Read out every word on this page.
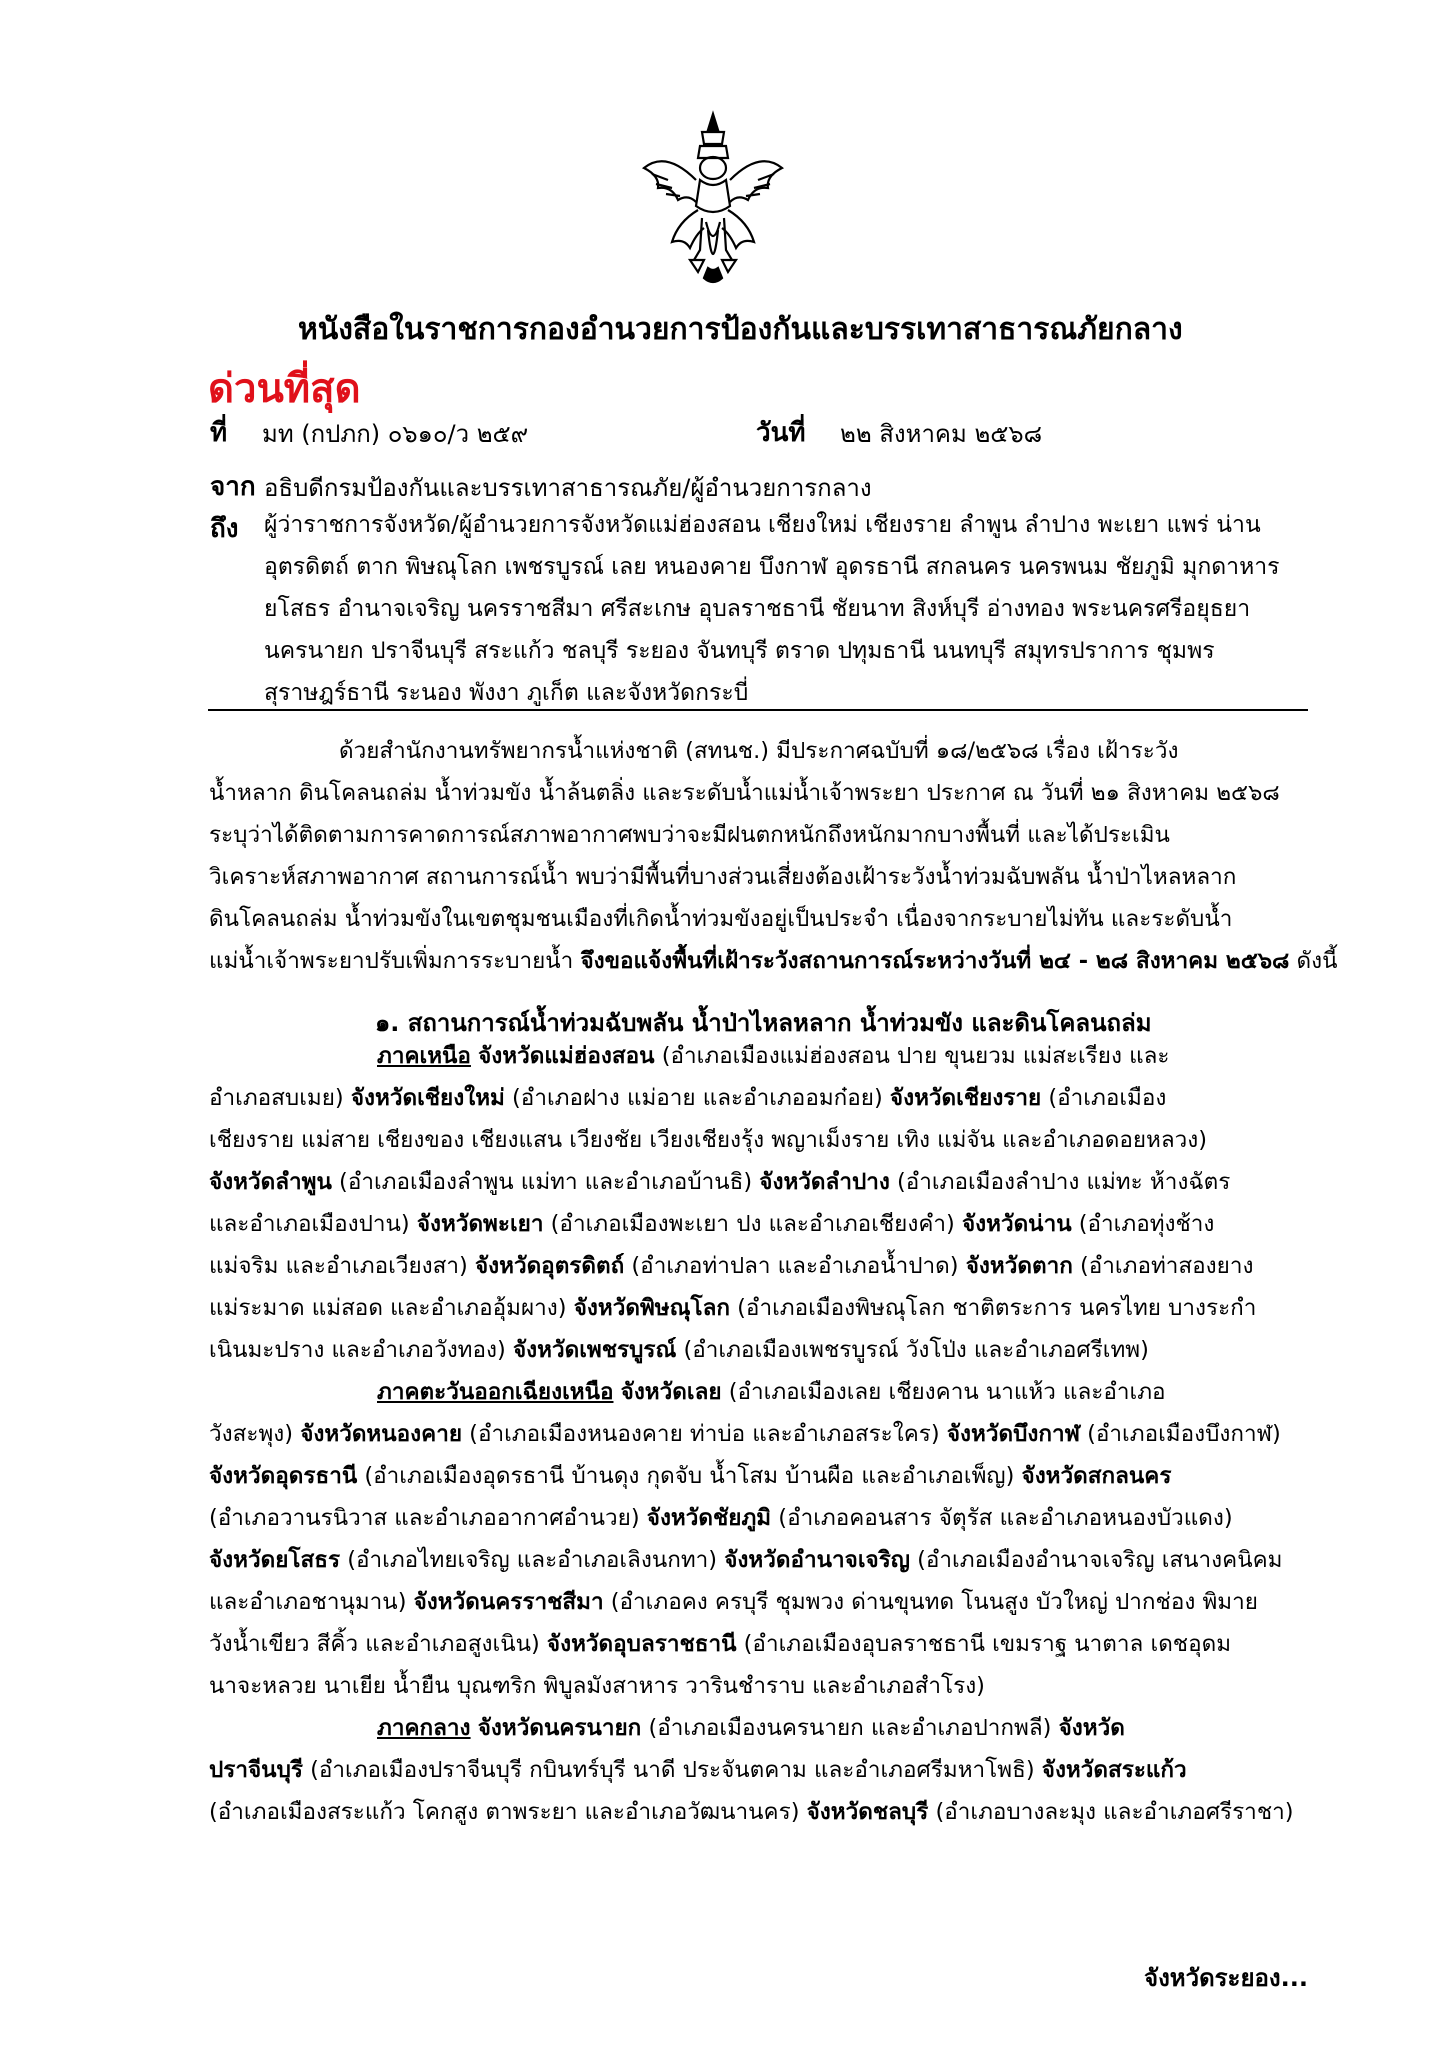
หนังสือในราชการกองอำนวยการป้องกันและบรรเทาสาธารณภัยกลาง
ด่วนที่สุด
ที่ มท (กปภก) ๐๖๑๐/ว ๒๕๙	วันที่ ๒๒ สิงหาคม ๒๕๖๘
จาก อธิบดีกรมป้องกันและบรรเทาสาธารณภัย/ผู้อำนวยการกลาง
ถึง ผู้ว่าราชการจังหวัด/ผู้อำนวยการจังหวัดแม่ฮ่องสอน เชียงใหม่ เชียงราย ลำพูน ลำปาง พะเยา แพร่ น่าน
อุตรดิตถ์ ตาก พิษณุโลก เพชรบูรณ์ เลย หนองคาย บึงกาฬ อุดรธานี สกลนคร นครพนม ชัยภูมิ มุกดาหาร
ยโสธร อำนาจเจริญ นครราชสีมา ศรีสะเกษ อุบลราชธานี ชัยนาท สิงห์บุรี อ่างทอง พระนครศรีอยุธยา
นครนายก ปราจีนบุรี สระแก้ว ชลบุรี ระยอง จันทบุรี ตราด ปทุมธานี นนทบุรี สมุทรปราการ ชุมพร
สุราษฎร์ธานี ระนอง พังงา ภูเก็ต และจังหวัดกระบี่
ด้วยสำนักงานทรัพยากรน้ำแห่งชาติ (สทนช.) มีประกาศฉบับที่ ๑๘/๒๕๖๘ เรื่อง เฝ้าระวัง
น้ำหลาก ดินโคลนถล่ม น้ำท่วมขัง น้ำล้นตลิ่ง และระดับน้ำแม่น้ำเจ้าพระยา ประกาศ ณ วันที่ ๒๑ สิงหาคม ๒๕๖๘
ระบุว่าได้ติดตามการคาดการณ์สภาพอากาศพบว่าจะมีฝนตกหนักถึงหนักมากบางพื้นที่ และได้ประเมิน
วิเคราะห์สภาพอากาศ สถานการณ์น้ำ พบว่ามีพื้นที่บางส่วนเสี่ยงต้องเฝ้าระวังน้ำท่วมฉับพลัน น้ำป่าไหลหลาก
ดินโคลนถล่ม น้ำท่วมขังในเขตชุมชนเมืองที่เกิดน้ำท่วมขังอยู่เป็นประจำ เนื่องจากระบายไม่ทัน และระดับน้ำ
แม่น้ำเจ้าพระยาปรับเพิ่มการระบายน้ำ จึงขอแจ้งพื้นที่เฝ้าระวังสถานการณ์ระหว่างวันที่ ๒๔ - ๒๘ สิงหาคม ๒๕๖๘ ดังนี้
๑. สถานการณ์น้ำท่วมฉับพลัน น้ำป่าไหลหลาก น้ำท่วมขัง และดินโคลนถล่ม
ภาคเหนือ จังหวัดแม่ฮ่องสอน (อำเภอเมืองแม่ฮ่องสอน ปาย ขุนยวม แม่สะเรียง และ
อำเภอสบเมย) จังหวัดเชียงใหม่ (อำเภอฝาง แม่อาย และอำเภออมก๋อย) จังหวัดเชียงราย (อำเภอเมือง
เชียงราย แม่สาย เชียงของ เชียงแสน เวียงชัย เวียงเชียงรุ้ง พญาเม็งราย เทิง แม่จัน และอำเภอดอยหลวง)
จังหวัดลำพูน (อำเภอเมืองลำพูน แม่ทา และอำเภอบ้านธิ) จังหวัดลำปาง (อำเภอเมืองลำปาง แม่ทะ ห้างฉัตร
และอำเภอเมืองปาน) จังหวัดพะเยา (อำเภอเมืองพะเยา ปง และอำเภอเชียงคำ) จังหวัดน่าน (อำเภอทุ่งช้าง
แม่จริม และอำเภอเวียงสา) จังหวัดอุตรดิตถ์ (อำเภอท่าปลา และอำเภอน้ำปาด) จังหวัดตาก (อำเภอท่าสองยาง
แม่ระมาด แม่สอด และอำเภออุ้มผาง) จังหวัดพิษณุโลก (อำเภอเมืองพิษณุโลก ชาติตระการ นครไทย บางระกำ
เนินมะปราง และอำเภอวังทอง) จังหวัดเพชรบูรณ์ (อำเภอเมืองเพชรบูรณ์ วังโป่ง และอำเภอศรีเทพ)
ภาคตะวันออกเฉียงเหนือ จังหวัดเลย (อำเภอเมืองเลย เชียงคาน นาแห้ว และอำเภอ
วังสะพุง) จังหวัดหนองคาย (อำเภอเมืองหนองคาย ท่าบ่อ และอำเภอสระใคร) จังหวัดบึงกาฬ (อำเภอเมืองบึงกาฬ)
จังหวัดอุดรธานี (อำเภอเมืองอุดรธานี บ้านดุง กุดจับ น้ำโสม บ้านผือ และอำเภอเพ็ญ) จังหวัดสกลนคร
(อำเภอวานรนิวาส และอำเภออากาศอำนวย) จังหวัดชัยภูมิ (อำเภอคอนสาร จัตุรัส และอำเภอหนองบัวแดง)
จังหวัดยโสธร (อำเภอไทยเจริญ และอำเภอเลิงนกทา) จังหวัดอำนาจเจริญ (อำเภอเมืองอำนาจเจริญ เสนางคนิคม
และอำเภอชานุมาน) จังหวัดนครราชสีมา (อำเภอคง ครบุรี ชุมพวง ด่านขุนทด โนนสูง บัวใหญ่ ปากช่อง พิมาย
วังน้ำเขียว สีคิ้ว และอำเภอสูงเนิน) จังหวัดอุบลราชธานี (อำเภอเมืองอุบลราชธานี เขมราฐ นาตาล เดชอุดม
นาจะหลวย นาเยีย น้ำยืน บุณฑริก พิบูลมังสาหาร วารินชำราบ และอำเภอสำโรง)
ภาคกลาง จังหวัดนครนายก (อำเภอเมืองนครนายก และอำเภอปากพลี) จังหวัด
ปราจีนบุรี (อำเภอเมืองปราจีนบุรี กบินทร์บุรี นาดี ประจันตคาม และอำเภอศรีมหาโพธิ) จังหวัดสระแก้ว
(อำเภอเมืองสระแก้ว โคกสูง ตาพระยา และอำเภอวัฒนานคร) จังหวัดชลบุรี (อำเภอบางละมุง และอำเภอศรีราชา)
จังหวัดระยอง...
